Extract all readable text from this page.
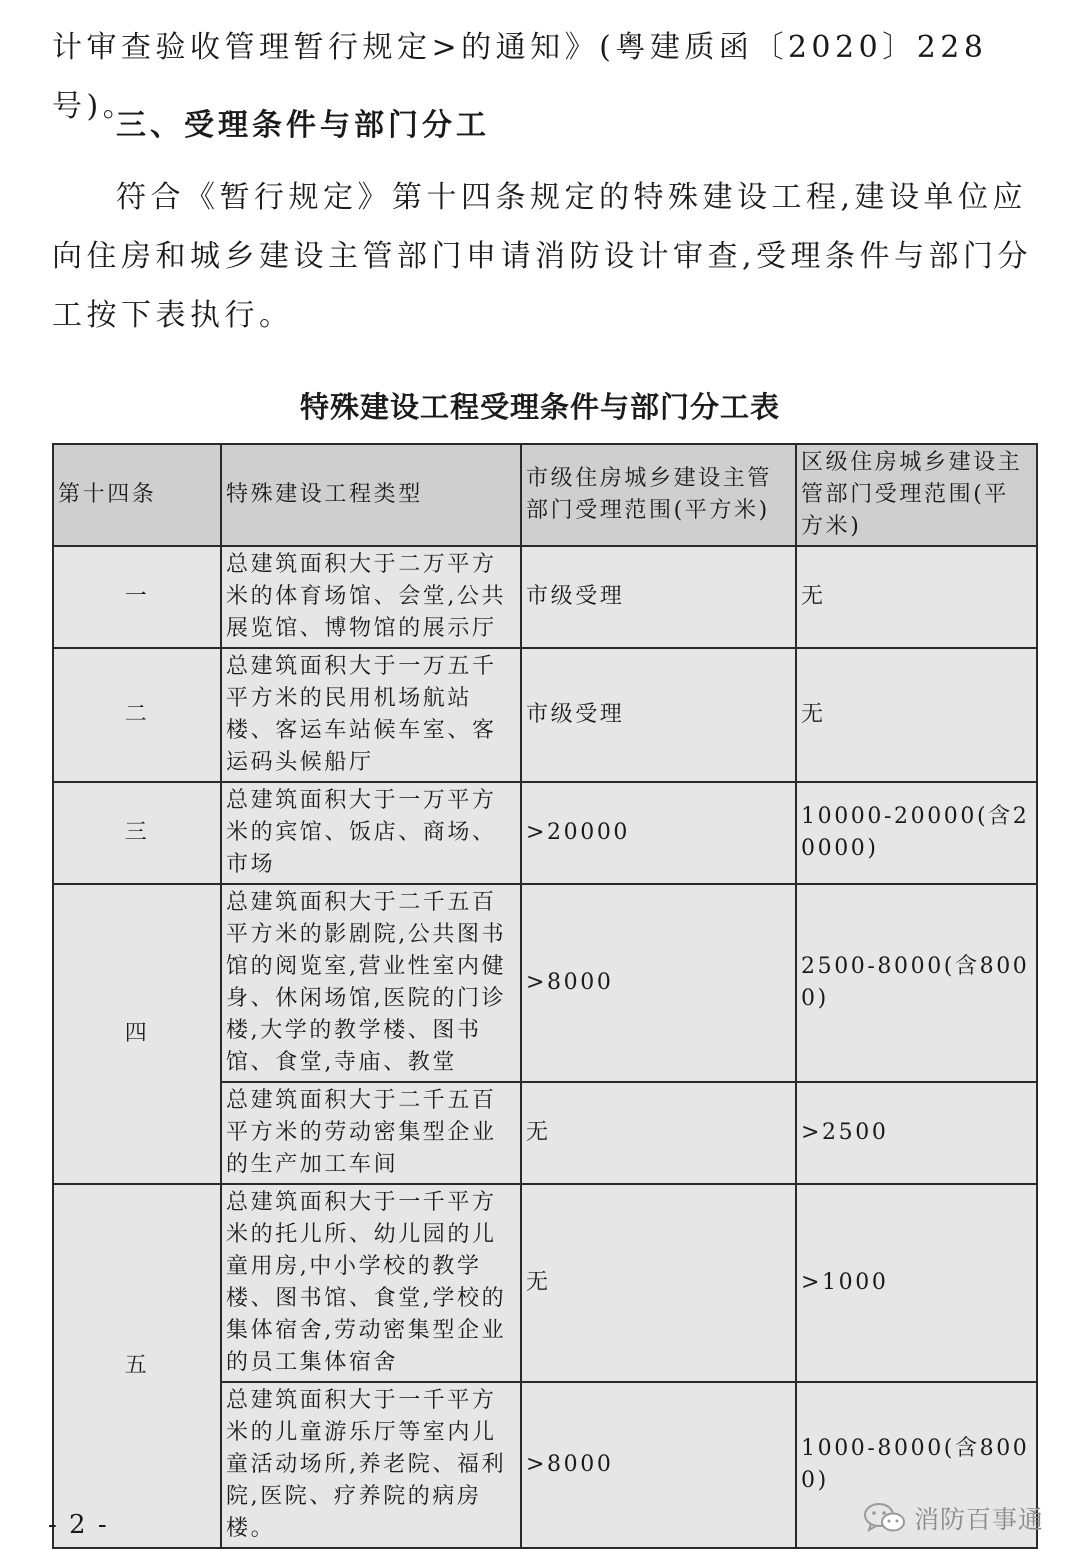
计审查验收管理暂行规定>的通知》(粤建质函〔2020〕228号)。

三、受理条件与部门分工

符合《暂行规定》第十四条规定的特殊建设工程,建设单位应向住房和城乡建设主管部门申请消防设计审查,受理条件与部门分工按下表执行。

特殊建设工程受理条件与部门分工表
第十四条	特殊建设工程类型	市级住房城乡建设主管部门受理范围(平方米)	区级住房城乡建设主管部门受理范围(平方米)
一	总建筑面积大于二万平方米的体育场馆、会堂,公共展览馆、博物馆的展示厅	市级受理	无
二	总建筑面积大于一万五千平方米的民用机场航站楼、客运车站候车室、客运码头候船厅	市级受理	无
三	总建筑面积大于一万平方米的宾馆、饭店、商场、市场	>20000	10000-20000(含20000)
四	总建筑面积大于二千五百平方米的影剧院,公共图书馆的阅览室,营业性室内健身、休闲场馆,医院的门诊楼,大学的教学楼、图书馆、食堂,寺庙、教堂	>8000	2500-8000(含8000)
	总建筑面积大于二千五百平方米的劳动密集型企业的生产加工车间	无	>2500
五	总建筑面积大于一千平方米的托儿所、幼儿园的儿童用房,中小学校的教学楼、图书馆、食堂,学校的集体宿舍,劳动密集型企业的员工集体宿舍	无	>1000
	总建筑面积大于一千平方米的儿童游乐厅等室内儿童活动场所,养老院、福利院,医院、疗养院的病房楼。	>8000	1000-8000(含8000)
- 2 -	消防百事通
